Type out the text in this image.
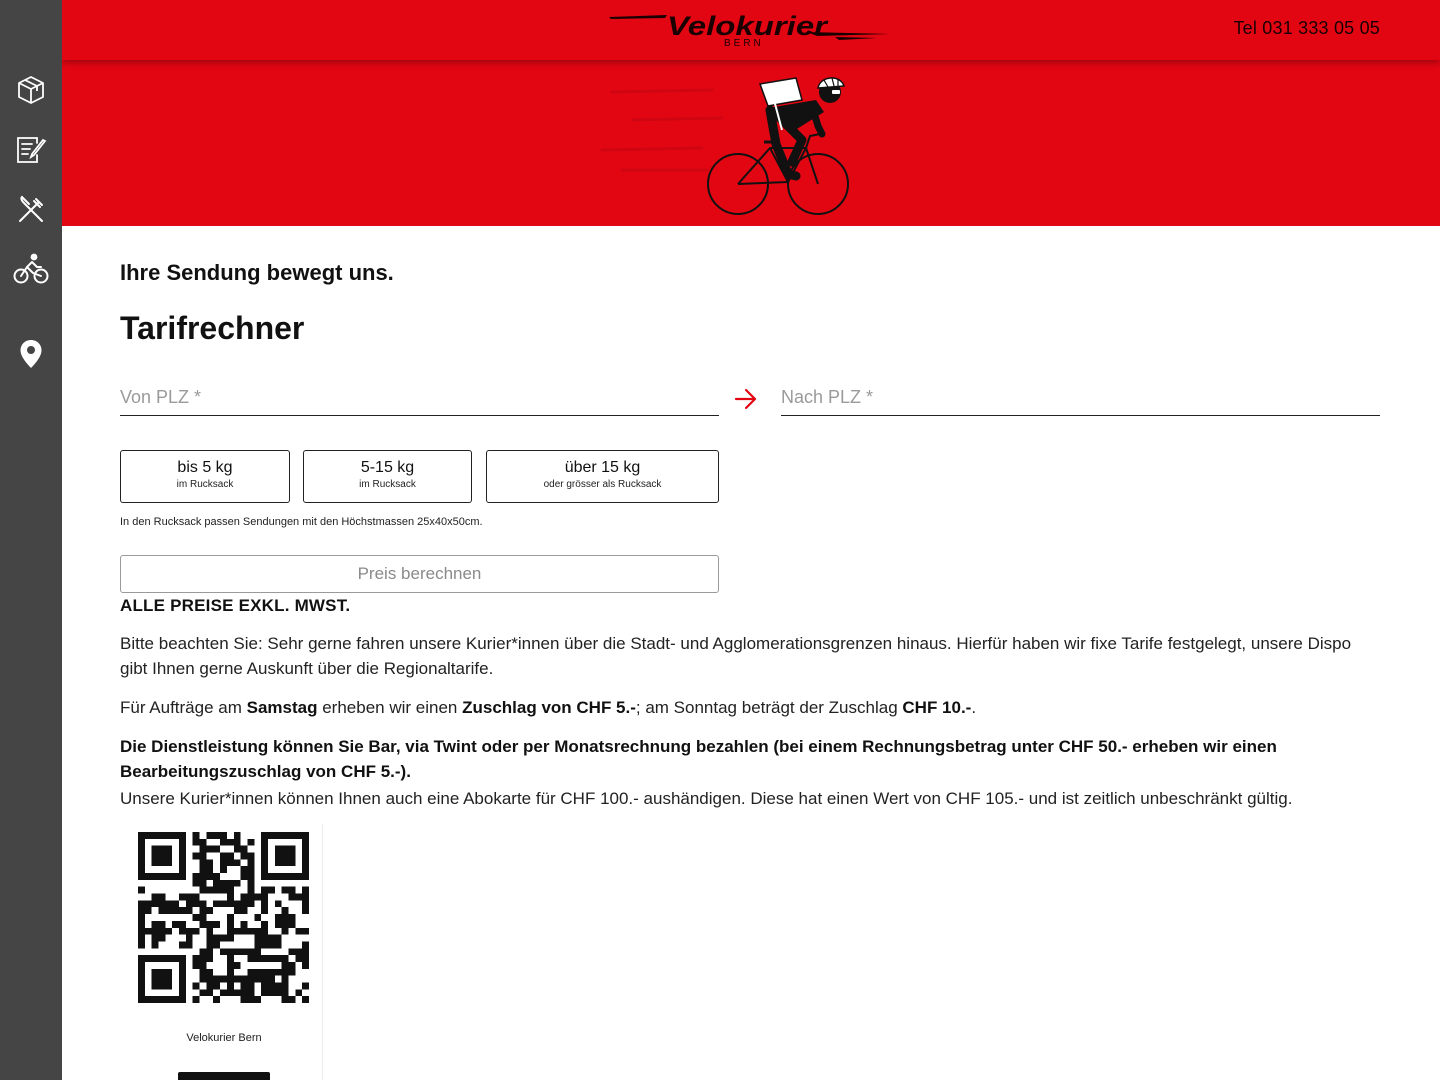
Velokurier
BERN
Tel 031 333 05 05
Ihre Sendung bewegt uns.
Tarifrechner
Von PLZ *
Nach PLZ *
bis 5 kg
im Rucksack
5-15 kg
im Rucksack
über 15 kg
oder grösser als Rucksack
In den Rucksack passen Sendungen mit den Höchstmassen 25x40x50cm.
Preis berechnen
ALLE PREISE EXKL. MWST.

Bitte beachten Sie: Sehr gerne fahren unsere Kurier*innen über die Stadt- und Agglomerationsgrenzen hinaus. Hierfür haben wir fixe Tarife festgelegt, unsere Dispo gibt Ihnen gerne Auskunft über die Regionaltarife.

Für Aufträge am Samstag erheben wir einen Zuschlag von CHF 5.-; am Sonntag beträgt der Zuschlag CHF 10.-.

Die Dienstleistung können Sie Bar, via Twint oder per Monatsrechnung bezahlen (bei einem Rechnungsbetrag unter CHF 50.- erheben wir einen Bearbeitungszuschlag von CHF 5.-).

Unsere Kurier*innen können Ihnen auch eine Abokarte für CHF 100.- aushändigen. Diese hat einen Wert von CHF 105.- und ist zeitlich unbeschränkt gültig.

Velokurier Bern
